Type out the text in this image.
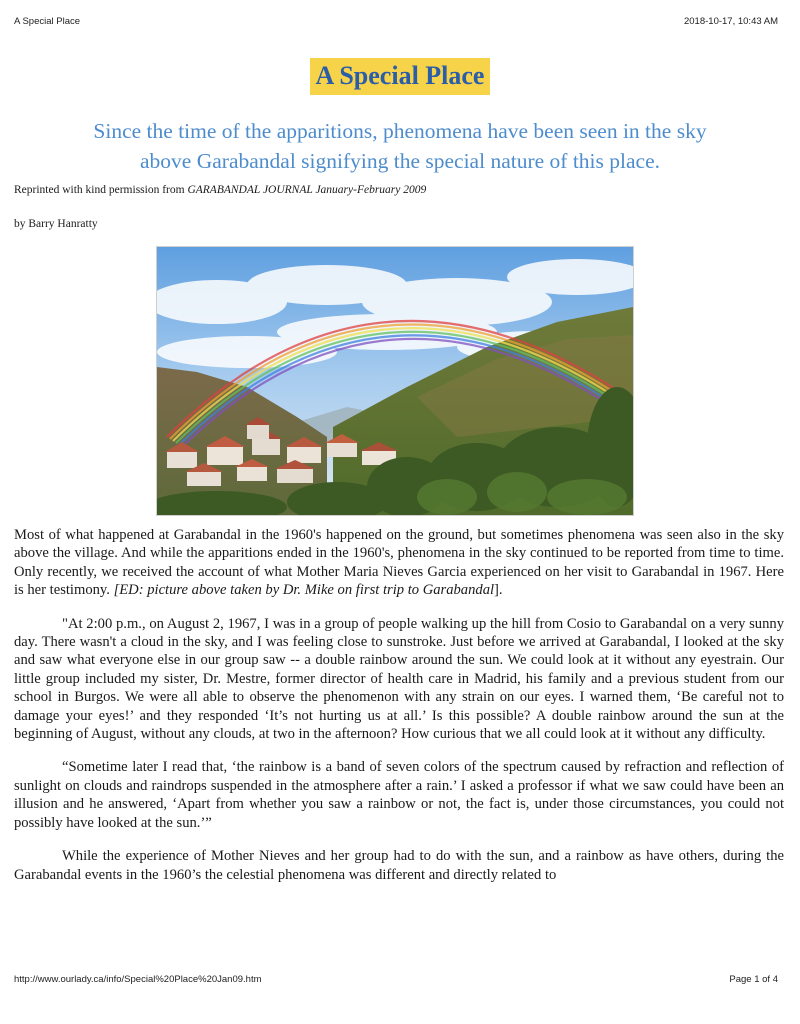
A Special Place	2018-10-17, 10:43 AM
A Special Place
Since the time of the apparitions, phenomena have been seen in the sky
above Garabandal signifying the special nature of this place.
Reprinted with kind permission from GARABANDAL JOURNAL January-February 2009
by Barry Hanratty

Most of what happened at Garabandal in the 1960's happened on the ground, but sometimes phenomena was seen also in the sky above the village. And while the apparitions ended in the 1960's, phenomena in the sky continued to be reported from time to time. Only recently, we received the account of what Mother Maria Nieves Garcia experienced on her visit to Garabandal in 1967. Here is her testimony. [ED: picture above taken by Dr. Mike on first trip to Garabandal].

"At 2:00 p.m., on August 2, 1967, I was in a group of people walking up the hill from Cosio to Garabandal on a very sunny day. There wasn't a cloud in the sky, and I was feeling close to sunstroke. Just before we arrived at Garabandal, I looked at the sky and saw what everyone else in our group saw -- a double rainbow around the sun. We could look at it without any eyestrain. Our little group included my sister, Dr. Mestre, former director of health care in Madrid, his family and a previous student from our school in Burgos. We were all able to observe the phenomenon with any strain on our eyes. I warned them, ‘Be careful not to damage your eyes!’ and they responded ‘It’s not hurting us at all.’ Is this possible? A double rainbow around the sun at the beginning of August, without any clouds, at two in the afternoon? How curious that we all could look at it without any difficulty.

“Sometime later I read that, ‘the rainbow is a band of seven colors of the spectrum caused by refraction and reflection of sunlight on clouds and raindrops suspended in the atmosphere after a rain.’ I asked a professor if what we saw could have been an illusion and he answered, ‘Apart from whether you saw a rainbow or not, the fact is, under those circumstances, you could not possibly have looked at the sun.’”

While the experience of Mother Nieves and her group had to do with the sun, and a rainbow as have others, during the Garabandal events in the 1960’s the celestial phenomena was different and directly related to

http://www.ourlady.ca/info/Special%20Place%20Jan09.htm	Page 1 of 4
